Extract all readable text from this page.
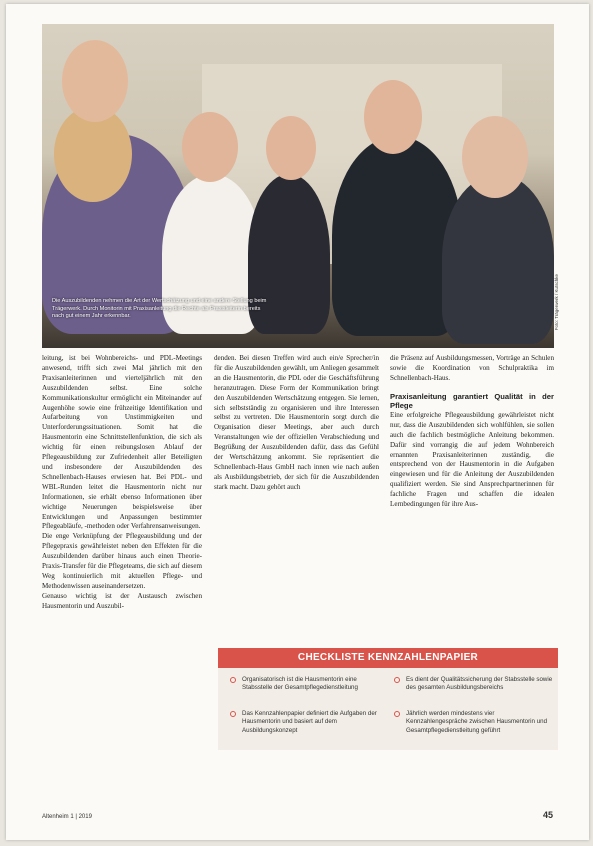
Die Auszubildenden nehmen die Art der Wertschätzung und eine andere Stellung beim Trägerwerk. Durch Monitorin mit Praxisanleitung die Rechte als Praxisleiterin bereits nach gut einem Jahr erkennbar.	Foto: Trägerwerk / Kutschke

leitung, ist bei Wohnbereichs- und PDL-Meetings anwesend, trifft sich zwei Mal jährlich mit den Praxisanleiterinnen und vierteljährlich mit den Auszubildenden selbst. Eine solche Kommunikationskultur ermöglicht ein Miteinander auf Augenhöhe sowie eine frühzeitige Identifikation und Aufarbeitung von Unstimmigkeiten und Unterforderungssituationen. Somit hat die Hausmentorin eine Schnittstellenfunktion, die sich als wichtig für einen reibungslosen Ablauf der Pflegeausbildung zur Zufriedenheit aller Beteiligten und insbesondere der Auszubildenden des Schnellenbach-Hauses erwiesen hat. Bei PDL- und WBL-Runden leitet die Hausmentorin nicht nur Informationen, sie erhält ebenso Informationen über wichtige Neuerungen beispielsweise über Entwicklungen und Anpassungen bestimmter Pflegeabläufe, -methoden oder Verfahrensanweisungen.

Die enge Verknüpfung der Pflegeausbildung und der Pflegepraxis gewährleistet neben den Effekten für die Auszubildenden darüber hinaus auch einen Theorie-Praxis-Transfer für die Pflegeteams, die sich auf diesem Weg kontinuierlich mit aktuellen Pflege- und Methodenwissen auseinandersetzen.

Genauso wichtig ist der Austausch zwischen Hausmentorin und Auszubil-

denden. Bei diesen Treffen wird auch ein/e Sprecher/in für die Auszubildenden gewählt, um Anliegen gesammelt an die Hausmentorin, die PDL oder die Geschäftsführung heranzutragen. Diese Form der Kommunikation bringt den Auszubildenden Wertschätzung entgegen. Sie lernen, sich selbstständig zu organisieren und ihre Interessen selbst zu vertreten. Die Hausmentorin sorgt durch die Organisation dieser Meetings, aber auch durch Veranstaltungen wie der offiziellen Verabschiedung und Begrüßung der Auszubildenden dafür, dass das Gefühl der Wertschätzung ankommt. Sie repräsentiert die Schnellenbach-Haus GmbH nach innen wie nach außen als Ausbildungsbetrieb, der sich für die Auszubildenden stark macht. Dazu gehört auch

die Präsenz auf Ausbildungsmessen, Vorträge an Schulen sowie die Koordination von Schulpraktika im Schnellenbach-Haus.

Praxisanleitung garantiert Qualität in der Pflege

Eine erfolgreiche Pflegeausbildung gewährleistet nicht nur, dass die Auszubildenden sich wohlfühlen, sie sollen auch die fachlich bestmögliche Anleitung bekommen. Dafür sind vorrangig die auf jedem Wohnbereich ernannten Praxisanleiterinnen zuständig, die entsprechend von der Hausmentorin in die Aufgaben eingewiesen und für die Anleitung der Auszubildenden qualifiziert werden. Sie sind Ansprechpartnerinnen für fachliche Fragen und schaffen die idealen Lernbedingungen für ihre Aus-

CHECKLISTE KENNZAHLENPAPIER
Organisatorisch ist die Hausmentorin eine Stabsstelle der Gesamtpflegedienstleitung
Das Kennzahlenpapier definiert die Aufgaben der Hausmentorin und basiert auf dem Ausbildungskonzept
Es dient der Qualitätssicherung der Stabsstelle sowie des gesamten Ausbildungsbereichs
Jährlich werden mindestens vier Kennzahlengespräche zwischen Hausmentorin und Gesamtpflegedienstleitung geführt
Altenheim 1 | 2019	45
